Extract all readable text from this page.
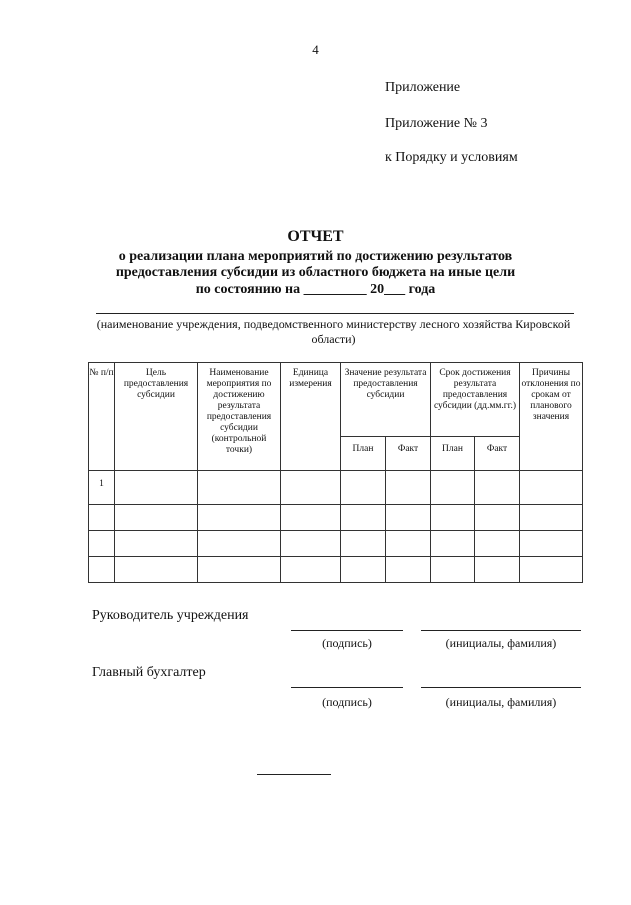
4
Приложение
Приложение № 3
к Порядку и условиям
ОТЧЕТ
о реализации плана мероприятий по достижению результатов
предоставления субсидии из областного бюджета на иные цели
по состоянию на _________ 20___ года
(наименование учреждения, подведомственного министерству лесного хозяйства Кировской области)
№ п/п	Цель предоставления субсидии	Наименование мероприятия по достижению результата предоставления субсидии (контрольной точки)	Единица измерения	Значение результата предоставления субсидии		Срок достижения результата предоставления субсидии (дд.мм.гг.)		Причины отклонения по срокам от планового значения
				План	Факт	План	Факт	
1								

Руководитель учреждения
(подпись)	(инициалы, фамилия)
Главный бухгалтер
(подпись)	(инициалы, фамилия)
